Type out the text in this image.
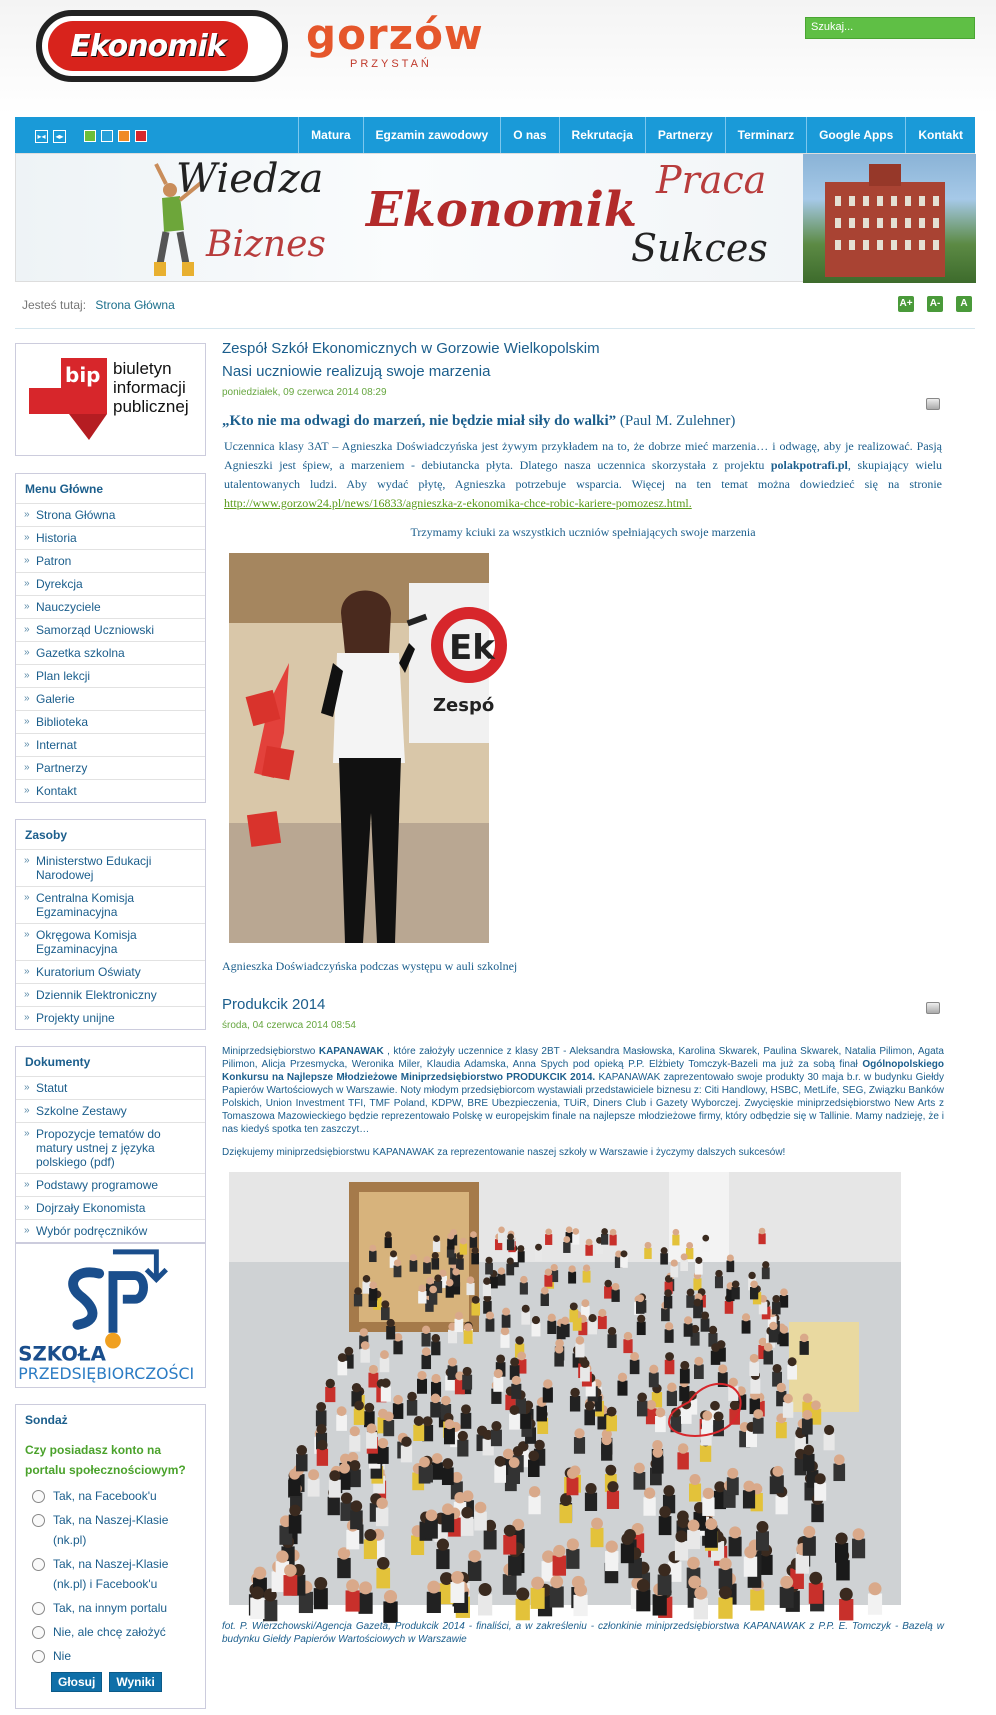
Ekonomik gorzów
PRZYSTAŃ
Szukaj...
▸◂	◂▸	Matura	Egzamin zawodowy	O nas	Rekrutacja	Partnerzy	Terminarz	Google Apps	Kontakt
Wiedza
Biznes
Ekonomik
Praca
Sukces
Jesteś tutaj: Strona Główna	A+ A-	A
bip biuletyn
informacji
publicznej
Menu Główne
» Strona Główna
» Historia
» Patron
» Dyrekcja
» Nauczyciele
» Samorząd Uczniowski
» Gazetka szkolna
» Plan lekcji
» Galerie
» Biblioteka
» Internat
» Partnerzy
» Kontakt
Zasoby
» Ministerstwo Edukacji Narodowej
» Centralna Komisja Egzaminacyjna
» Okręgowa Komisja Egzaminacyjna
» Kuratorium Oświaty
» Dziennik Elektroniczny
» Projekty unijne
Dokumenty
» Statut
» Szkolne Zestawy
» Propozycje tematów do matury ustnej z języka polskiego (pdf)
» Podstawy programowe
» Dojrzały Ekonomista
» Wybór podręczników
SZKOŁA
PRZEDSIĘBIORCZOŚCI
Sondaż
Czy posiadasz konto na portalu społecznościowym?
Tak, na Facebook'u
Tak, na Naszej-Klasie (nk.pl)
Tak, na Naszej-Klasie (nk.pl) i Facebook'u
Tak, na innym portalu
Nie, ale chcę założyć
Nie
Głosuj	Wyniki
Zespół Szkół Ekonomicznych w Gorzowie Wielkopolskim
Nasi uczniowie realizują swoje marzenia
poniedziałek, 09 czerwca 2014 08:29
„Kto nie ma odwagi do marzeń, nie będzie miał siły do walki” (Paul M. Zulehner)
Uczennica klasy 3AT – Agnieszka Doświadczyńska jest żywym przykładem na to, że dobrze mieć marzenia… i odwagę, aby je realizować. Pasją Agnieszki jest śpiew, a marzeniem - debiutancka płyta. Dlatego nasza uczennica skorzystała z projektu polakpotrafi.pl, skupiający wielu utalentowanych ludzi. Aby wydać płytę, Agnieszka potrzebuje wsparcia. Więcej na ten temat można dowiedzieć się na stronie http://www.gorzow24.pl/news/16833/agnieszka-z-ekonomika-chce-robic-kariere-pomozesz.html.
Trzymamy kciuki za wszystkich uczniów spełniających swoje marzenia
Ek
Zespó
Agnieszka Doświadczyńska podczas występu w auli szkolnej
Produkcik 2014
środa, 04 czerwca 2014 08:54
Miniprzedsiębiorstwo KAPANAWAK , które założyły uczennice z klasy 2BT - Aleksandra Masłowska, Karolina Skwarek, Paulina Skwarek, Natalia Pilimon, Agata Pilimon, Alicja Przesmycka, Weronika Miler, Klaudia Adamska, Anna Spych pod opieką P.P. Elżbiety Tomczyk-Bazeli ma już za sobą finał Ogólnopolskiego Konkursu na Najlepsze Młodzieżowe Miniprzedsiębiorstwo PRODUKCIK 2014. KAPANAWAK zaprezentowało swoje produkty 30 maja b.r. w budynku Giełdy Papierów Wartościowych w Warszawie. Noty młodym przedsiębiorcom wystawiali przedstawiciele biznesu z: Citi Handlowy, HSBC, MetLife, SEG, Związku Banków Polskich, Union Investment TFI, TMF Poland, KDPW, BRE Ubezpieczenia, TUiR, Diners Club i Gazety Wyborczej. Zwycięskie miniprzedsiębiorstwo New Arts z Tomaszowa Mazowieckiego będzie reprezentowało Polskę w europejskim finale na najlepsze młodzieżowe firmy, który odbędzie się w Tallinie. Mamy nadzieję, że i nas kiedyś spotka ten zaszczyt…
Dziękujemy miniprzedsiębiorstwu KAPANAWAK za reprezentowanie naszej szkoły w Warszawie i życzymy dalszych sukcesów!
fot. P. Wierzchowski/Agencja Gazeta, Produkcik 2014 - finaliści, a w zakreśleniu - członkinie miniprzedsiębiorstwa KAPANAWAK z P.P. E. Tomczyk - Bazelą w budynku Giełdy Papierów Wartościowych w Warszawie
